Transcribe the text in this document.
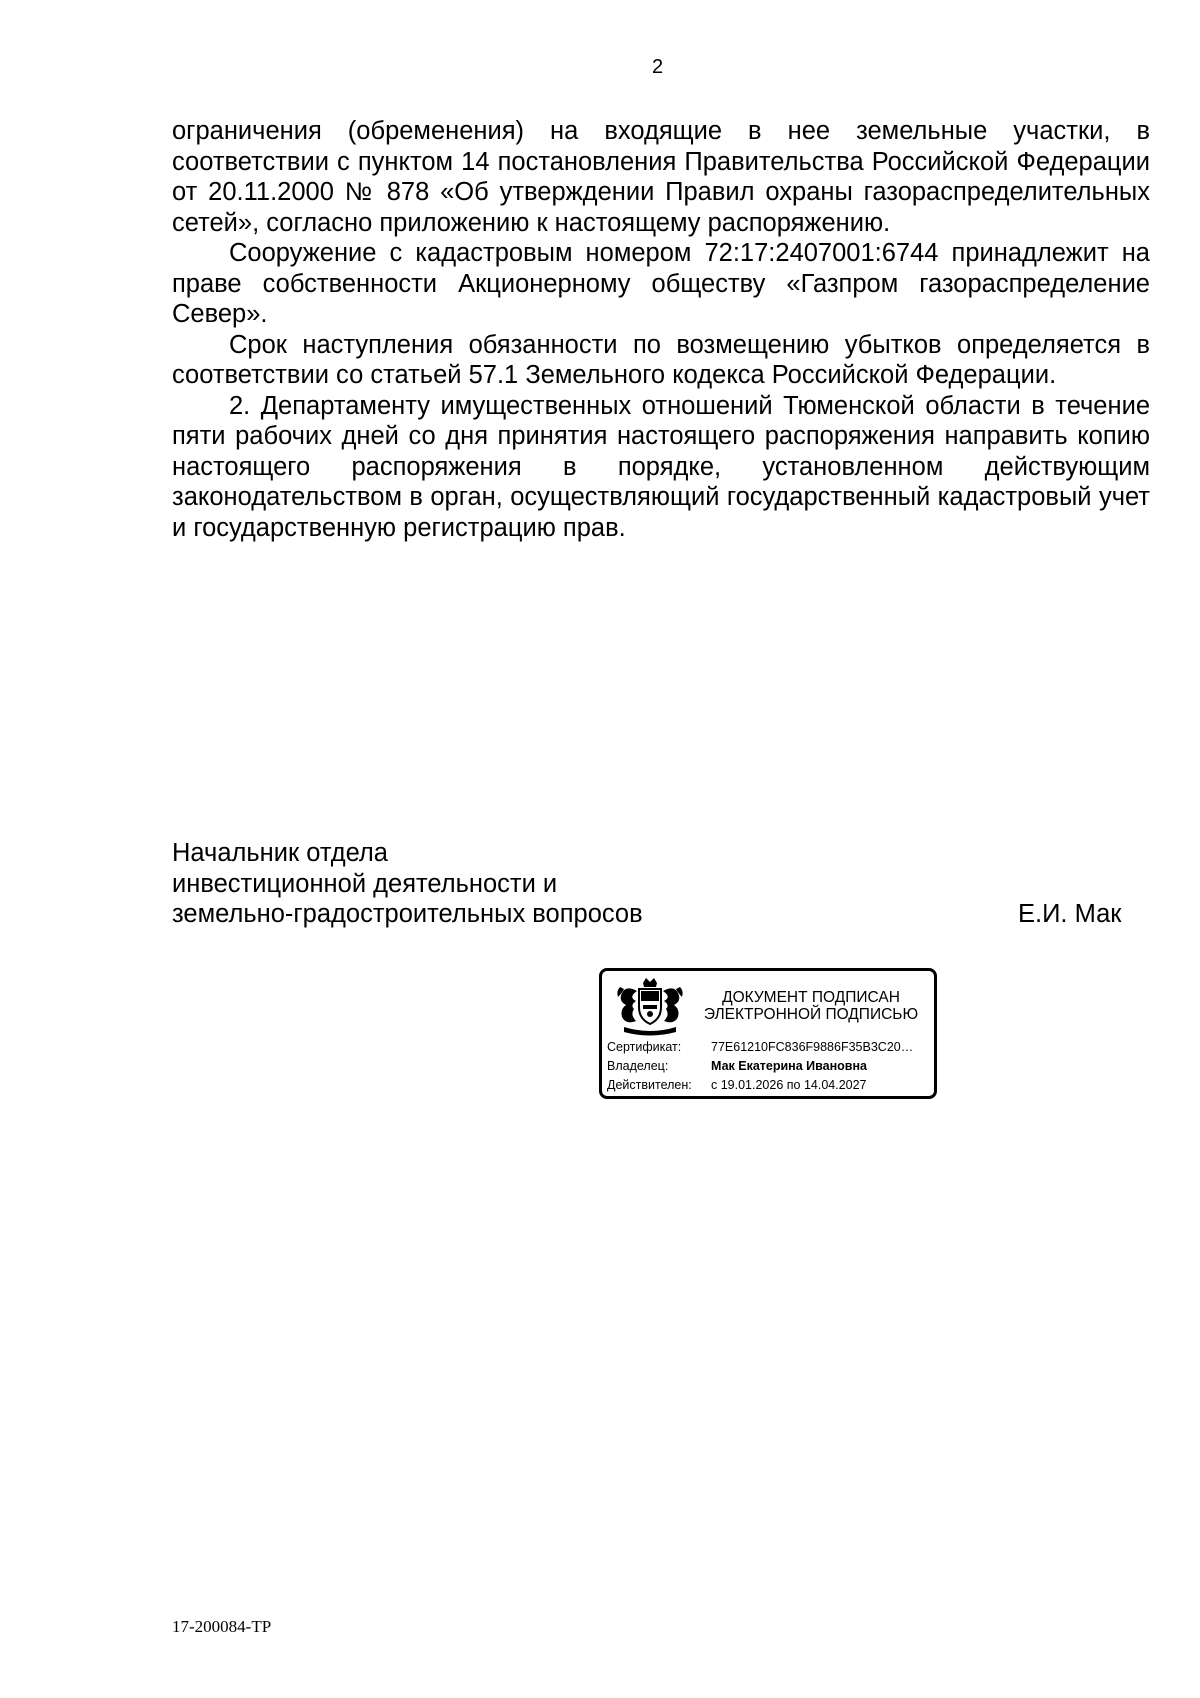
2

ограничения (обременения) на входящие в нее земельные участки, в соответствии с пунктом 14 постановления Правительства Российской Федерации от 20.11.2000 № 878 «Об утверждении Правил охраны газораспределительных сетей», согласно приложению к настоящему распоряжению.

Сооружение с кадастровым номером 72:17:2407001:6744 принадлежит на праве собственности Акционерному обществу «Газпром газораспределение Север».

Срок наступления обязанности по возмещению убытков определяется в соответствии со статьей 57.1 Земельного кодекса Российской Федерации.

2. Департаменту имущественных отношений Тюменской области в течение пяти рабочих дней со дня принятия настоящего распоряжения направить копию настоящего распоряжения в порядке, установленном действующим законодательством в орган, осуществляющий государственный кадастровый учет и государственную регистрацию прав.

Начальник отдела
инвестиционной деятельности и
земельно-градостроительных вопросов	Е.И. Мак
ДОКУМЕНТ ПОДПИСАН
ЭЛЕКТРОННОЙ ПОДПИСЬЮ
Сертификат: 77E61210FC836F9886F35B3C20…
Владелец:	Мак Екатерина Ивановна
Действителен: с 19.01.2026 по 14.04.2027
17-200084-ТР
